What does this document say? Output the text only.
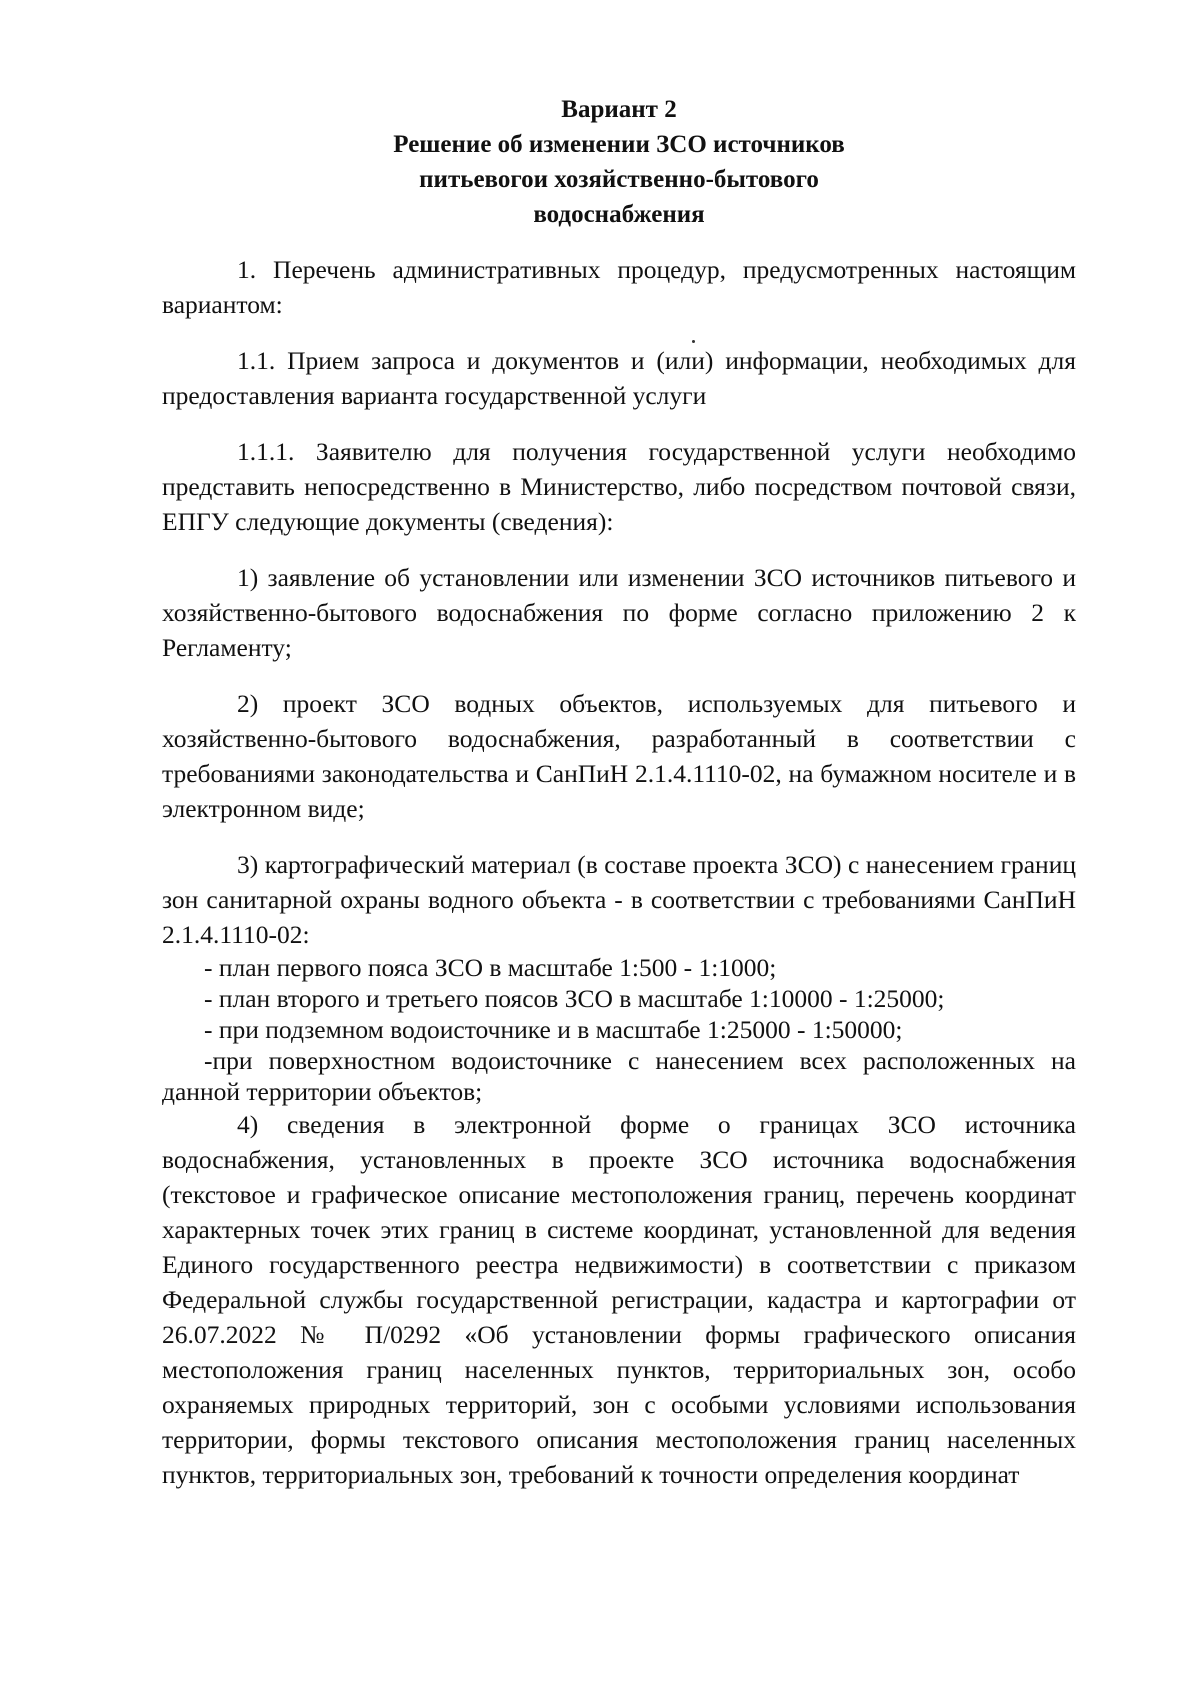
Вариант 2
Решение об изменении ЗСО источников
питьевогои хозяйственно-бытового
водоснабжения

1. Перечень административных процедур, предусмотренных настоящим вариантом:

1.1. Прием запроса и документов и (или) информации, необходимых для предоставления варианта государственной услуги

1.1.1. Заявителю для получения государственной услуги необходимо представить непосредственно в Министерство, либо посредством почтовой связи, ЕПГУ следующие документы (сведения):

1) заявление об установлении или изменении ЗСО источников питьевого и хозяйственно-бытового водоснабжения по форме согласно приложению 2 к Регламенту;

2) проект ЗСО водных объектов, используемых для питьевого и хозяйственно-бытового водоснабжения, разработанный в соответствии с требованиями законодательства и СанПиН 2.1.4.1110-02, на бумажном носителе и в электронном виде;

3) картографический материал (в составе проекта ЗСО) с нанесением границ зон санитарной охраны водного объекта - в соответствии с требованиями СанПиН 2.1.4.1110-02:

- план первого пояса ЗСО в масштабе 1:500 - 1:1000;
- план второго и третьего поясов ЗСО в масштабе 1:10000 - 1:25000;
- при подземном водоисточнике и в масштабе 1:25000 - 1:50000;
-при поверхностном водоисточнике с нанесением всех расположенных на данной территории объектов;

4) сведения в электронной форме о границах ЗСО источника водоснабжения, установленных в проекте ЗСО источника водоснабжения (текстовое и графическое описание местоположения границ, перечень координат характерных точек этих границ в системе координат, установленной для ведения Единого государственного реестра недвижимости) в соответствии с приказом Федеральной службы государственной регистрации, кадастра и картографии от 26.07.2022 № П/0292 «Об установлении формы графического описания местоположения границ населенных пунктов, территориальных зон, особо охраняемых природных территорий, зон с особыми условиями использования территории, формы текстового описания местоположения границ населенных пунктов, территориальных зон, требований к точности определения координат
